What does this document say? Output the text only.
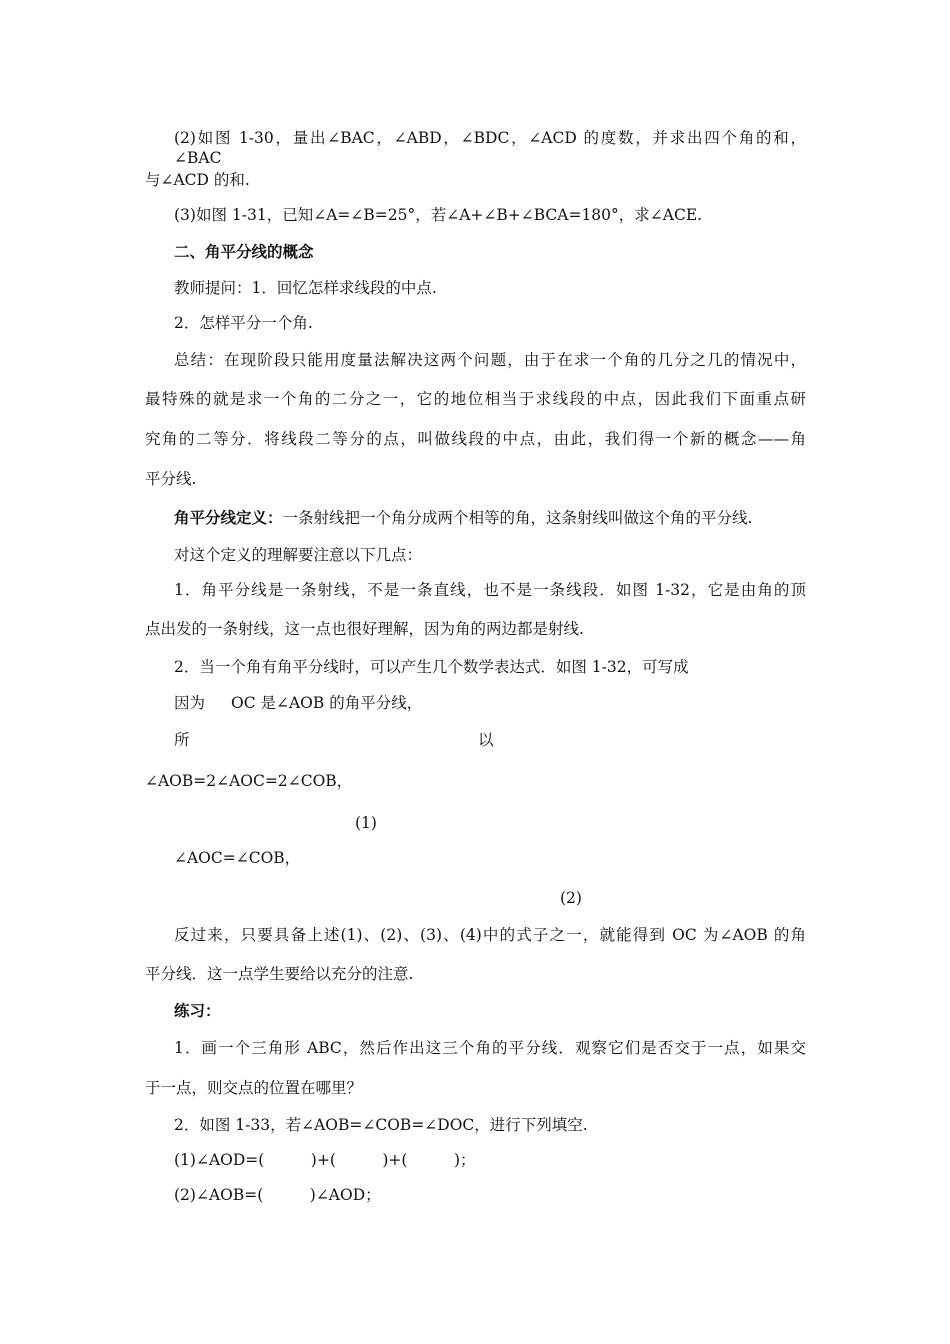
(2)如图 1-30，量出∠BAC，∠ABD，∠BDC，∠ACD 的度数，并求出四个角的和，∠BAC
与∠ACD 的和.
(3)如图 1-31，已知∠A=∠B=25°，若∠A+∠B+∠BCA=180°，求∠ACE.
二、角平分线的概念
教师提问：1．回忆怎样求线段的中点.
2．怎样平分一个角.
总结：在现阶段只能用度量法解决这两个问题，由于在求一个角的几分之几的情况中，
最特殊的就是求一个角的二分之一，它的地位相当于求线段的中点，因此我们下面重点研
究角的二等分．将线段二等分的点，叫做线段的中点，由此，我们得一个新的概念——角
平分线.
角平分线定义：一条射线把一个角分成两个相等的角，这条射线叫做这个角的平分线.
对这个定义的理解要注意以下几点：
1．角平分线是一条射线，不是一条直线，也不是一条线段．如图 1-32，它是由角的顶
点出发的一条射线，这一点也很好理解，因为角的两边都是射线.
2．当一个角有角平分线时，可以产生几个数学表达式．如图 1-32，可写成
因为 OC 是∠AOB 的角平分线，
所	以
∠AOB=2∠AOC=2∠COB，
(1)
∠AOC=∠COB，
(2)
反过来，只要具备上述(1)、(2)、(3)、(4)中的式子之一，就能得到 OC 为∠AOB 的角
平分线．这一点学生要给以充分的注意.
练习：
1．画一个三角形 ABC，然后作出这三个角的平分线．观察它们是否交于一点，如果交
于一点，则交点的位置在哪里？
2．如图 1-33，若∠AOB=∠COB=∠DOC，进行下列填空.
(1)∠AOD=(　　　)+(　　　)+(　　　)；
(2)∠AOB=(　　　)∠AOD；
